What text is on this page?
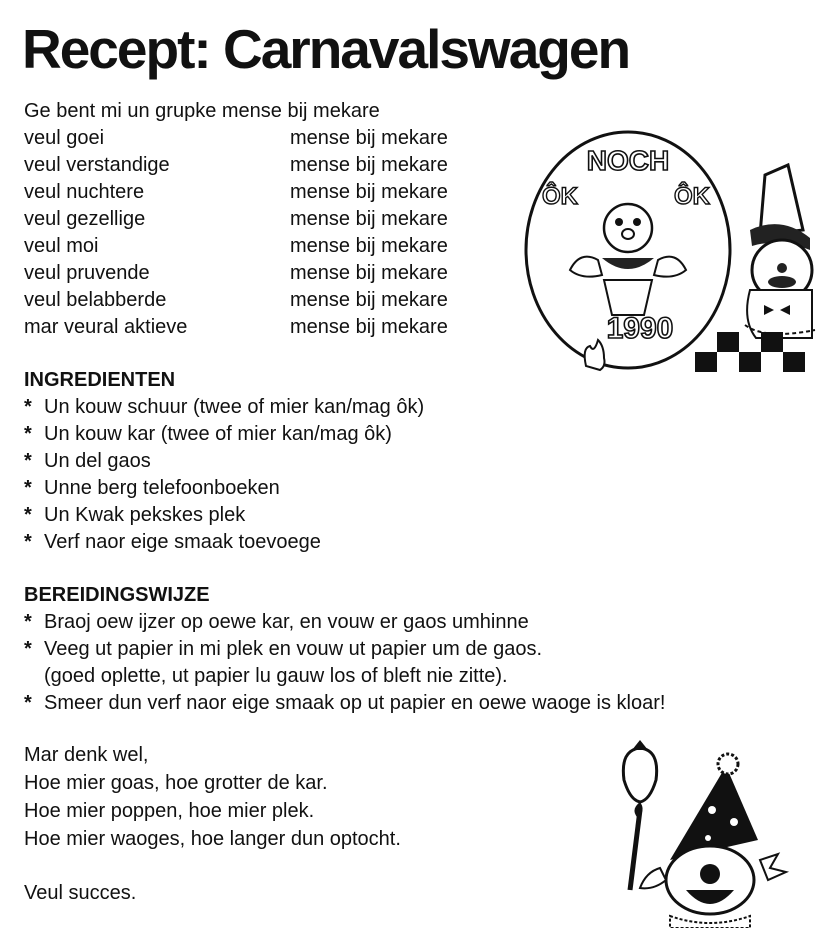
Recept: Carnavalswagen
Ge bent mi un grupke mense bij mekare
veul goei	mense bij mekare
veul verstandige	mense bij mekare
veul nuchtere	mense bij mekare
veul gezellige	mense bij mekare
veul moi	mense bij mekare
veul pruvende	mense bij mekare
veul belabberde	mense bij mekare
mar veural aktieve	mense bij mekare
NOCH
ÔK	ÔK
1990
INGREDIENTEN
* Un kouw schuur (twee of mier kan/mag ôk)
* Un kouw kar (twee of mier kan/mag ôk)
* Un del gaos
* Unne berg telefoonboeken
* Un Kwak pekskes plek
* Verf naor eige smaak toevoege
BEREIDINGSWIJZE
* Braoj oew ijzer op oewe kar, en vouw er gaos umhinne
* Veeg ut papier in mi plek en vouw ut papier um de gaos.
(goed oplette, ut papier lu gauw los of bleft nie zitte).
* Smeer dun verf naor eige smaak op ut papier en oewe waoge is kloar!
Mar denk wel,
Hoe mier goas, hoe grotter de kar.
Hoe mier poppen, hoe mier plek.
Hoe mier waoges, hoe langer dun optocht.
Veul succes.
